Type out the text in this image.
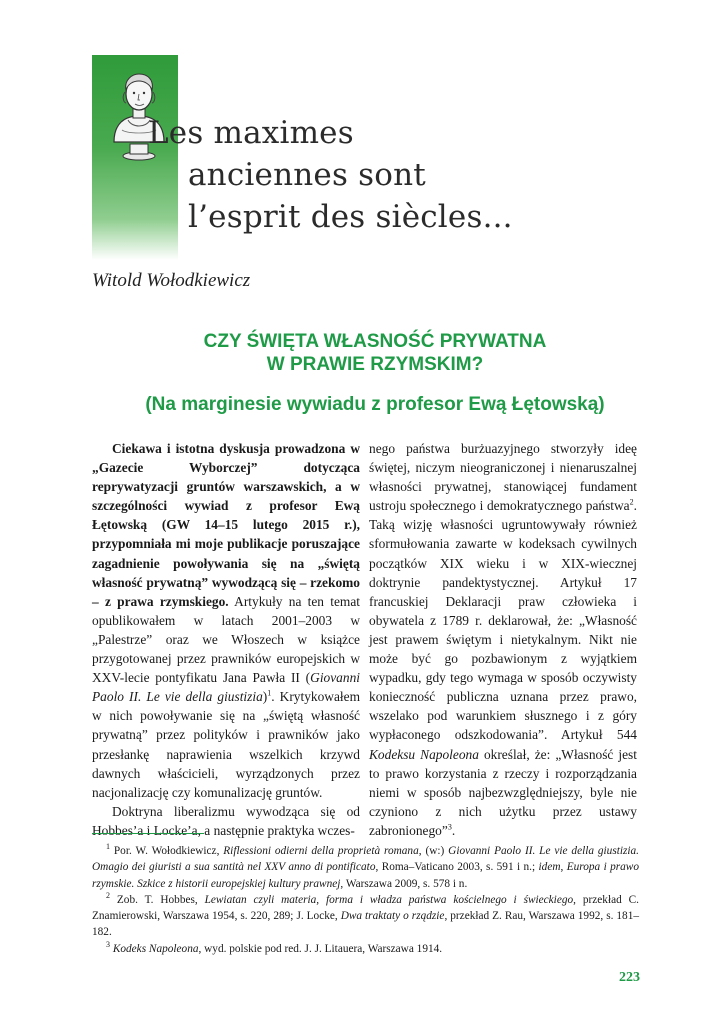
Les maximes
anciennes sont
l’esprit des siècles...
Witold Wołodkiewicz
CZY ŚWIĘTA WŁASNOŚĆ PRYWATNA
W PRAWIE RZYMSKIM?
(Na marginesie wywiadu z profesor Ewą Łętowską)

Ciekawa i istotna dyskusja prowadzona w „Gazecie Wyborczej” dotycząca reprywatyzacji gruntów warszawskich, a w szczególności wywiad z profesor Ewą Łętowską (GW 14–15 lutego 2015 r.), przypomniała mi moje publikacje poruszające zagadnienie powoływania się na „świętą własność prywatną” wywodzącą się – rzekomo – z prawa rzymskiego. Artykuły na ten temat opublikowałem w latach 2001–2003 w „Palestrze” oraz we Włoszech w książce przygotowanej przez prawników europejskich w XXV-lecie pontyfikatu Jana Pawła II (Giovanni Paolo II. Le vie della giustizia)$^1$. Krytykowałem w nich powoływanie się na „świętą własność prywatną” przez polityków i prawników jako przesłankę naprawienia wszelkich krzywd dawnych właścicieli, wyrządzonych przez nacjonalizację czy komunalizację gruntów.

Doktryna liberalizmu wywodząca się od Hobbes’a i Locke’a, a następnie praktyka wczes-

nego państwa burżuazyjnego stworzyły ideę świętej, niczym nieograniczonej i nienaruszalnej własności prywatnej, stanowiącej fundament ustroju społecznego i demokratycznego państwa$^2$. Taką wizję własności ugruntowywały również sformułowania zawarte w kodeksach cywilnych początków XIX wieku i w XIX-wiecznej doktrynie pandektystycznej. Artykuł 17 francuskiej Deklaracji praw człowieka i obywatela z 1789 r. deklarował, że: „Własność jest prawem świętym i nietykalnym. Nikt nie może być go pozbawionym z wyjątkiem wypadku, gdy tego wymaga w sposób oczywisty konieczność publiczna uznana przez prawo, wszelako pod warunkiem słusznego i z góry wypłaconego odszkodowania”. Artykuł 544 Kodeksu Napoleona określał, że: „Własność jest to prawo korzystania z rzeczy i rozporządzania niemi w sposób najbezwzględniejszy, byle nie czyniono z nich użytku przez ustawy zabronionego”$^3$.

$^1$ Por. W. Wołodkiewicz, Riflessioni odierni della proprietà romana, (w:) Giovanni Paolo II. Le vie della giustizia. Omagio dei giuristi a sua santità nel XXV anno di pontificato, Roma–Vaticano 2003, s. 591 i n.; idem, Europa i prawo rzymskie. Szkice z historii europejskiej kultury prawnej, Warszawa 2009, s. 578 i n.

$^2$ Zob. T. Hobbes, Lewiatan czyli materia, forma i władza państwa kościelnego i świeckiego, przekład C. Znamierowski, Warszawa 1954, s. 220, 289; J. Locke, Dwa traktaty o rządzie, przekład Z. Rau, Warszawa 1992, s. 181–182.

$^3$ Kodeks Napoleona, wyd. polskie pod red. J. J. Litauera, Warszawa 1914.

223
